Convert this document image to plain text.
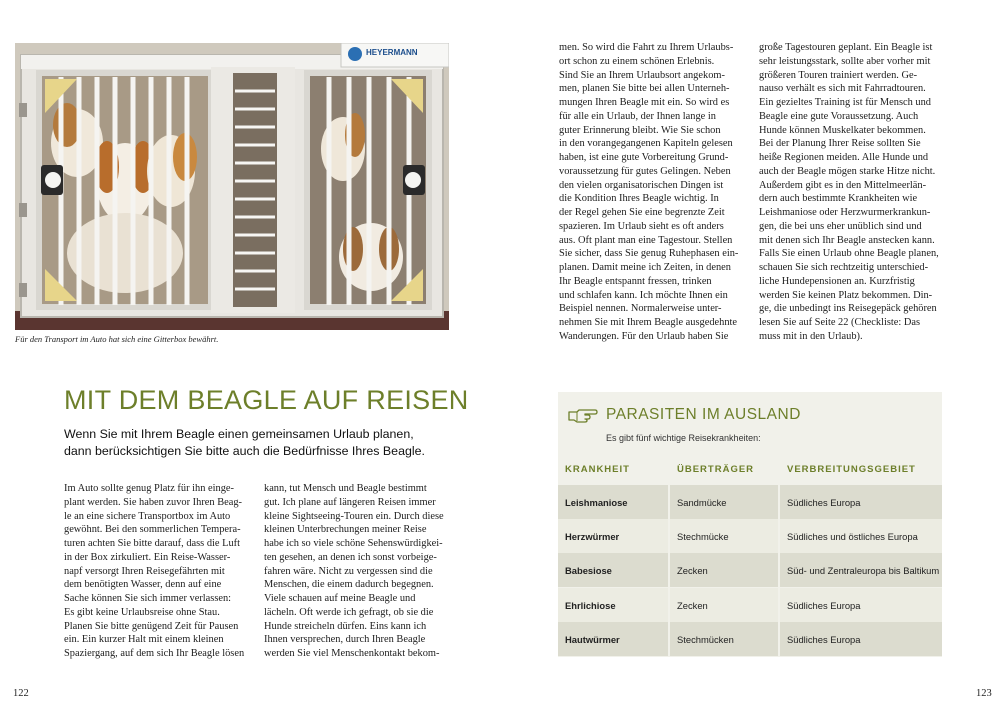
HEYERMANN
Für den Transport im Auto hat sich eine Gitterbox bewährt.

men. So wird die Fahrt zu Ihrem Urlaubs-
ort schon zu einem schönen Erlebnis.
Sind Sie an Ihrem Urlaubsort angekom-
men, planen Sie bitte bei allen Unterneh-
mungen Ihren Beagle mit ein. So wird es
für alle ein Urlaub, der Ihnen lange in
guter Erinnerung bleibt. Wie Sie schon
in den vorangegangenen Kapiteln gelesen
haben, ist eine gute Vorbereitung Grund-
voraussetzung für gutes Gelingen. Neben
den vielen organisatorischen Dingen ist
die Kondition Ihres Beagle wichtig. In
der Regel gehen Sie eine begrenzte Zeit
spazieren. Im Urlaub sieht es oft anders
aus. Oft plant man eine Tagestour. Stellen
Sie sicher, dass Sie genug Ruhephasen ein-
planen. Damit meine ich Zeiten, in denen
Ihr Beagle entspannt fressen, trinken
und schlafen kann. Ich möchte Ihnen ein
Beispiel nennen. Normalerweise unter-
nehmen Sie mit Ihrem Beagle ausgedehnte
Wanderungen. Für den Urlaub haben Sie

große Tagestouren geplant. Ein Beagle ist
sehr leistungsstark, sollte aber vorher mit
größeren Touren trainiert werden. Ge-
nauso verhält es sich mit Fahrradtouren.
Ein gezieltes Training ist für Mensch und
Beagle eine gute Voraussetzung. Auch
Hunde können Muskelkater bekommen.
Bei der Planung Ihrer Reise sollten Sie
heiße Regionen meiden. Alle Hunde und
auch der Beagle mögen starke Hitze nicht.
Außerdem gibt es in den Mittelmeerlän-
dern auch bestimmte Krankheiten wie
Leishmaniose oder Herzwurmerkrankun-
gen, die bei uns eher unüblich sind und
mit denen sich Ihr Beagle anstecken kann.
Falls Sie einen Urlaub ohne Beagle planen,
schauen Sie sich rechtzeitig unterschied-
liche Hundepensionen an. Kurzfristig
werden Sie keinen Platz bekommen. Din-
ge, die unbedingt ins Reisegepäck gehören
lesen Sie auf Seite 22 (Checkliste: Das
muss mit in den Urlaub).

MIT DEM BEAGLE AUF REISEN

Wenn Sie mit Ihrem Beagle einen gemeinsamen Urlaub planen,
dann berücksichtigen Sie bitte auch die Bedürfnisse Ihres Beagle.

Im Auto sollte genug Platz für ihn einge-
plant werden. Sie haben zuvor Ihren Beag-
le an eine sichere Transportbox im Auto
gewöhnt. Bei den sommerlichen Tempera-
turen achten Sie bitte darauf, dass die Luft
in der Box zirkuliert. Ein Reise-Wasser-
napf versorgt Ihren Reisegefährten mit
dem benötigten Wasser, denn auf eine
Sache können Sie sich immer verlassen:
Es gibt keine Urlaubsreise ohne Stau.
Planen Sie bitte genügend Zeit für Pausen
ein. Ein kurzer Halt mit einem kleinen
Spaziergang, auf dem sich Ihr Beagle lösen

kann, tut Mensch und Beagle bestimmt
gut. Ich plane auf längeren Reisen immer
kleine Sightseeing-Touren ein. Durch diese
kleinen Unterbrechungen meiner Reise
habe ich so viele schöne Sehenswürdigkei-
ten gesehen, an denen ich sonst vorbeige-
fahren wäre. Nicht zu vergessen sind die
Menschen, die einem dadurch begegnen.
Viele schauen auf meine Beagle und
lächeln. Oft werde ich gefragt, ob sie die
Hunde streicheln dürfen. Eins kann ich
Ihnen versprechen, durch Ihren Beagle
werden Sie viel Menschenkontakt bekom-

PARASITEN IM AUSLAND
Es gibt fünf wichtige Reisekrankheiten:
KRANKHEIT	ÜBERTRÄGER	VERBREITUNGSGEBIET
Leishmaniose	Sandmücke	Südliches Europa
Herzwürmer	Stechmücke	Südliches und östliches Europa
Babesiose	Zecken	Süd- und Zentraleuropa bis Baltikum
Ehrlichiose	Zecken	Südliches Europa
Hautwürmer	Stechmücken	Südliches Europa
122	123
